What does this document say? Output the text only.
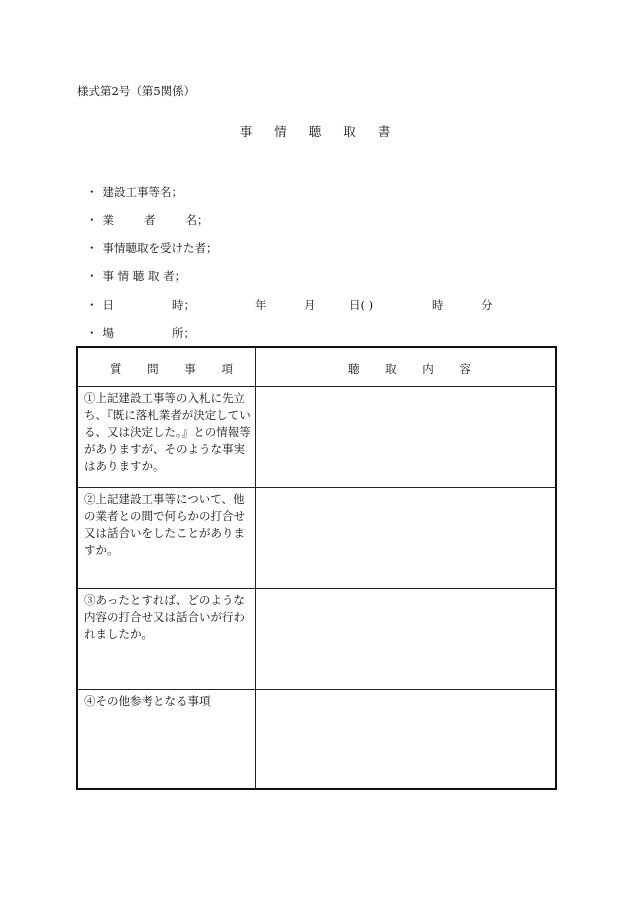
様式第2号（第5関係）
事 情 聴 取 書
・ 建設工事等名；
・ 業	者	名；
・ 事情聴取を受けた者；
・ 事 情 聴 取 者；
・ 日	時；	年	月	日( )	時	分
・ 場	所；
質 問 事 項	聴 取 内 容
①上記建設工事等の入札に先立ち、『既に落札業者が決定している、又は決定した。』との情報等がありますが、そのような事実はありますか。
②上記建設工事等について、他の業者との間で何らかの打合せ又は話合いをしたことがありますか。
③あったとすれば、どのような内容の打合せ又は話合いが行われましたか。
④その他参考となる事項
